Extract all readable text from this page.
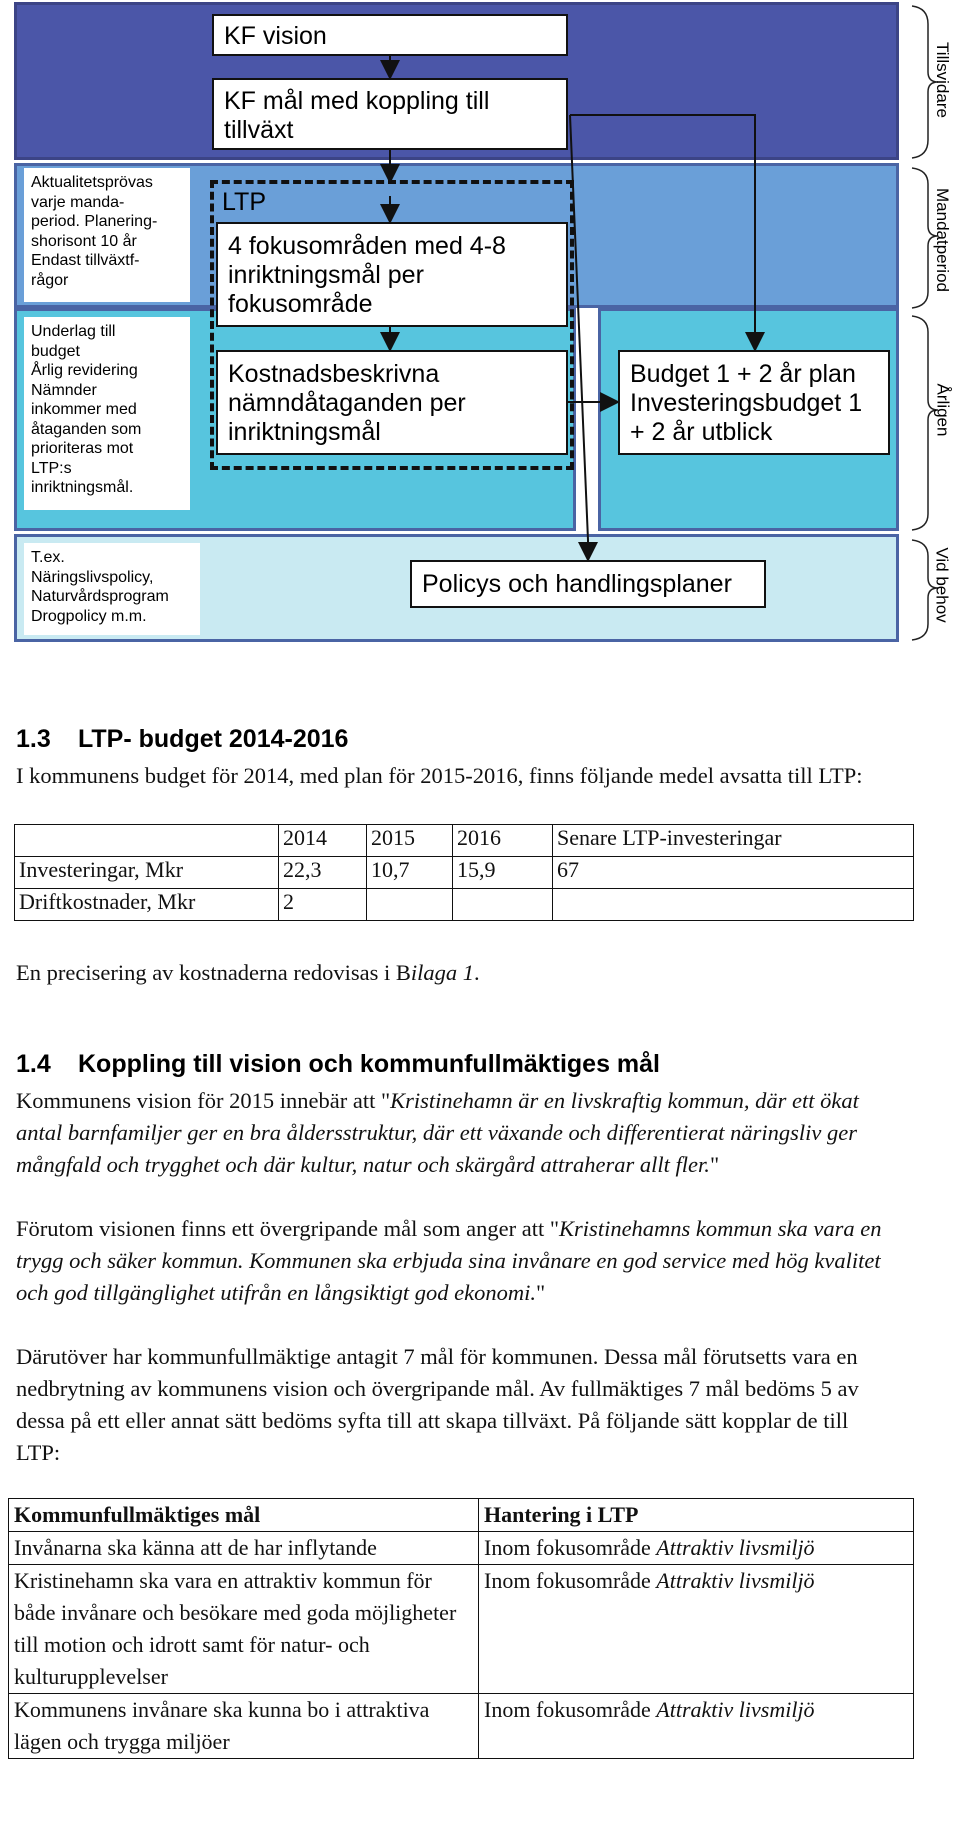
Aktualitetsprövas
varje manda-
period. Planering-
shorisont 10 år
Endast tillväxtf-
rågor
Underlag till
budget
Årlig revidering
Nämnder
inkommer med
åtaganden som
prioriteras mot
LTP:s
inriktningsmål.
T.ex.
Näringslivspolicy,
Naturvårdsprogram
Drogpolicy m.m.
LTP
KF vision
KF mål med koppling till tillväxt
4 fokusområden med 4-8 inriktningsmål per fokusområde
Kostnadsbeskrivna nämndåtaganden per inriktningsmål
Budget 1 + 2 år plan Investeringsbudget 1 + 2 år utblick
Policys och handlingsplaner
Tillsvidare
Mandatperiod
Årligen
Vid behov
1.3 LTP- budget 2014-2016

I kommunens budget för 2014, med plan för 2015-2016, finns följande medel avsatta till LTP:

	2014	2015	2016	Senare LTP-investeringar
Investeringar, Mkr	22,3	10,7	15,9	67
Driftkostnader, Mkr	2			

En precisering av kostnaderna redovisas i Bilaga 1.

1.4 Koppling till vision och kommunfullmäktiges mål

Kommunens vision för 2015 innebär att "Kristinehamn är en livskraftig kommun, där ett ökat antal barnfamiljer ger en bra åldersstruktur, där ett växande och differentierat näringsliv ger mångfald och trygghet och där kultur, natur och skärgård attraherar allt fler."

Förutom visionen finns ett övergripande mål som anger att "Kristinehamns kommun ska vara en trygg och säker kommun. Kommunen ska erbjuda sina invånare en god service med hög kvalitet och god tillgänglighet utifrån en långsiktigt god ekonomi."

Därutöver har kommunfullmäktige antagit 7 mål för kommunen. Dessa mål förutsetts vara en nedbrytning av kommunens vision och övergripande mål. Av fullmäktiges 7 mål bedöms 5 av dessa på ett eller annat sätt bedöms syfta till att skapa tillväxt. På följande sätt kopplar de till LTP:

Kommunfullmäktiges mål	Hantering i LTP
Invånarna ska känna att de har inflytande	Inom fokusområde Attraktiv livsmiljö
Kristinehamn ska vara en attraktiv kommun för både invånare och besökare med goda möjligheter till motion och idrott samt för natur- och kulturupplevelser	Inom fokusområde Attraktiv livsmiljö
Kommunens invånare ska kunna bo i attraktiva lägen och trygga miljöer	Inom fokusområde Attraktiv livsmiljö
